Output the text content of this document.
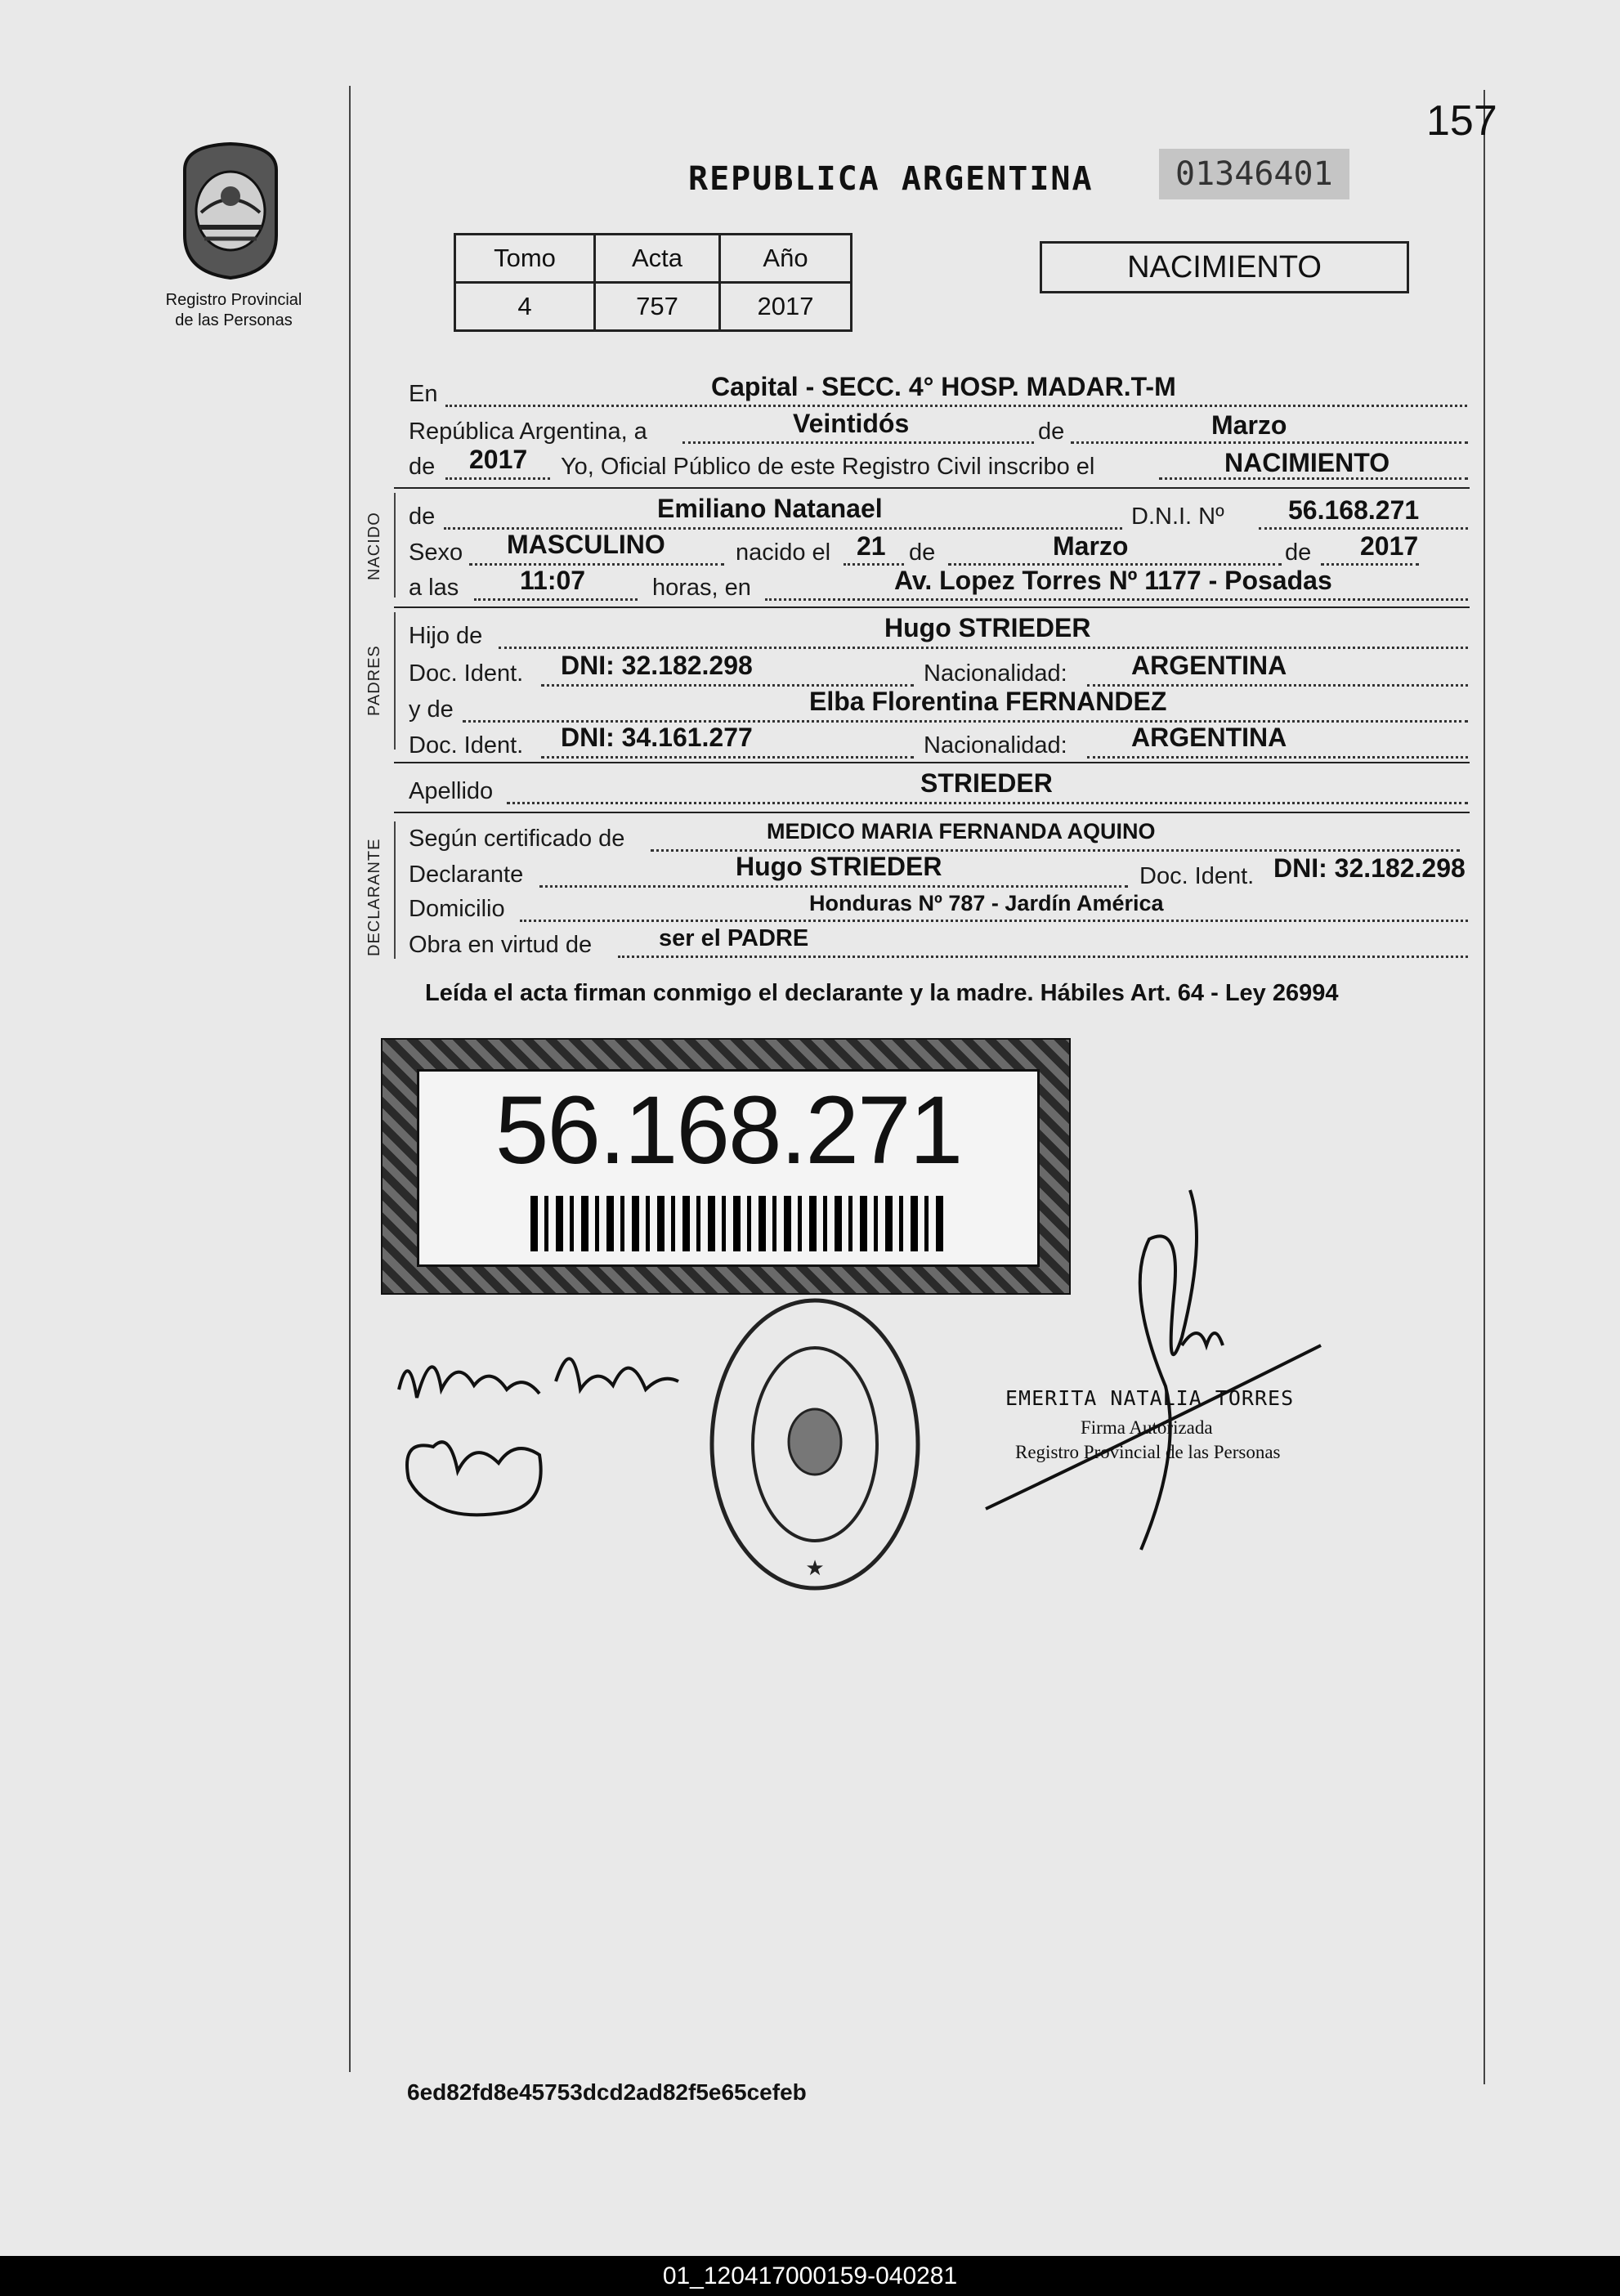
157
Registro Provincial
de las Personas
REPUBLICA ARGENTINA	01346401
Tomo	Acta	Año
4	757	2017
NACIMIENTO
En	Capital - SECC. 4° HOSP. MADAR.T-M
República Argentina, a	Veintidós	de	Marzo
de 2017 Yo, Oficial Público de este Registro Civil inscribo el	NACIMIENTO
NACIDO de	Emiliano Natanael	D.N.I. Nº 56.168.271
Sexo MASCULINO	nacido el 21 de	Marzo	de 2017
a las 11:07	horas, en	Av. Lopez Torres Nº 1177 - Posadas
PADRES
Hijo de	Hugo STRIEDER
Doc. Ident. DNI: 32.182.298	Nacionalidad: ARGENTINA
y de	Elba Florentina FERNANDEZ
Doc. Ident. DNI: 34.161.277	Nacionalidad: ARGENTINA
Apellido	STRIEDER
DECLARANTE Según certificado de	MEDICO MARIA FERNANDA AQUINO
Declarante	Hugo STRIEDER	Doc. Ident. DNI: 32.182.298
Domicilio	Honduras Nº 787 - Jardín América
Obra en virtud de	ser el PADRE
Leída el acta firman conmigo el declarante y la madre. Hábiles Art. 64 - Ley 26994
56.168.271
★
EMERITA NATALIA TORRES
Firma Autorizada
Registro Provincial de las Personas
6ed82fd8e45753dcd2ad82f5e65cefeb
01_120417000159-040281
